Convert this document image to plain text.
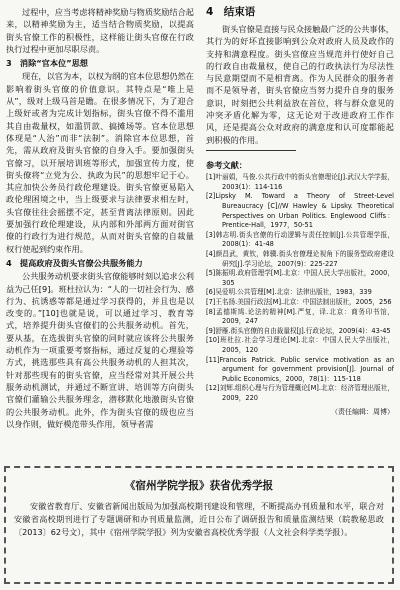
过程中，应当考虑将精神奖励与物质奖励结合起来，以精神奖励为主，适当结合物质奖励，以提高街头官僚工作的积极性，这样能让街头官僚在行政执行过程中更加尽职尽责。

3　消除“官本位”思想

现在，以官为本，以权为纲的官本位思想仍然在影响着街头官僚的价值意识。其特点是“唯上是从”，级对上级马首是瞻。在很多情况下，为了迎合上级好或者为完成计划指标，街头官僚不得不滥用其自由裁量权，如滥罚款、搞摊场等。官本位思想体现是“人治”而非“法制”。消除官本位思想，首先，需从政府及街头官僚的自身入手。要加强街头官僚习，以开展培训班等形式，加强宣传力度，使街头僚将“立党为公、执政为民”的思想牢记于心。其应加快公务员行政伦理建设。街头官僚更易陷入政伦理困境之中，当上级要求与法律要求相左时，头官僚往往会摇摆不定，甚至背离法律原则。因此要加强行政伦理建设，从内部和外部两方面对街官僚的行政行为进行规范，从而对街头官僚的自裁量权行使起到约束作用。

4　提高政府及街头官僚公共服务能力

公共服务动机要求街头官僚能够时刻以追求公利益为己任[9]。班杜拉认为：“人的一切社会行为、感行为、抗诱惑等都是通过学习获得的，并且也是以改变的。”[10]也就是说，可以通过学习、教育等式，培养提升街头官僚们的公共服务动机。首先，要从基，在选拔街头官僚的同时就应该将公共服务动机作为一项重要考察指标，通过反复的心理验等方式，挑选那些具有高公共服务动机的人担其次，针对那些现有的街头官僚，应当经常对其开展公共服务动机测试，并通过不断宣讲、培训等方向街头官僚们灌输公共服务理念，潜移默化地激街头官僚的公共服务动机。此外，作为街头官僚的级也应当以身作则，做好模范带头作用，领导者需

4　结束语

街头官僚是直接与民众接触最广泛的公共事体，其行为的好坏直接影响到公众对政府人员及政作的支持和满意程度。街头官僚应当规范并行使好自己的行政自由裁量权，使自己的行政执法行为尽法性与民意期望而不是相背离。作为人民群众的服务者而不是领导者，街头官僚应当努力提升自身的服务意识，时刻把公共利益放在首位，将与群众意见的冲突矛盾化解为零，这无论对于改进政府工作作风，还是提高公众对政府的满意度和认可度都能起到积极的作用。

参考文献：

[1]叶丽娟，马俊.公共行政中的街头官僚理论[J].武汉大学学报，2003(1)：114-116

[2]Lipsky M. Toward a Theory of Street-Level Bureaucracy [C]//W Hawley & Lipsky. Theoretical Perspectives on Urban Politics. Englewood Cliffs：Prentice-Hall，1977，50-51

[3]韩志明.街头官僚的行动逻辑与责任控制[J].公共管理学报，2008(1)：41-48

[4]颜昌武，黄钦，韩骥.街头官僚理论视角下的服务型政府建设研究[J].学习论坛，2007(9)：225-227

[5]陈振明.政府管理学[M].北京：中国人民大学出版社，2000，305

[6]吴爱明.公共管理[M].北京：法律出版社，1983，339

[7]王名扬.美国行政法[M].北京：中国法制出版社，2005，256

[8]孟德斯鸠.论法的精神[M].严复，译.北京：商务印书馆，2009，247

[9]舒雁.街头官僚的自由裁量权[J].行政论坛，2009(4)：43-45

[10]班杜拉.社会学习理论[M].北京：中国人民大学出版社，2005，120

[11]Francois Patrick. Public service motivation as an argument for government provision[J]. Journal of Public Economics，2000，78(1)：115-118

[12]刘辉.组织心理与行为管理概论[M].北京：经济管理出版社，2009，220

（责任编辑：周博）

《宿州学院学报》获省优秀学报

安徽省教育厅、安徽省新闻出版局为加强高校期刊建设和管理，不断提高办刊质量和水平，联合对安徽省高校期刊进行了专题调研和办刊质量监测，近日公布了调研报告和质量监测结果（皖教秘思政〔2013〕62号文），其中《宿州学院学报》列为安徽省高校优秀学报（人文社会科学类学报）。
